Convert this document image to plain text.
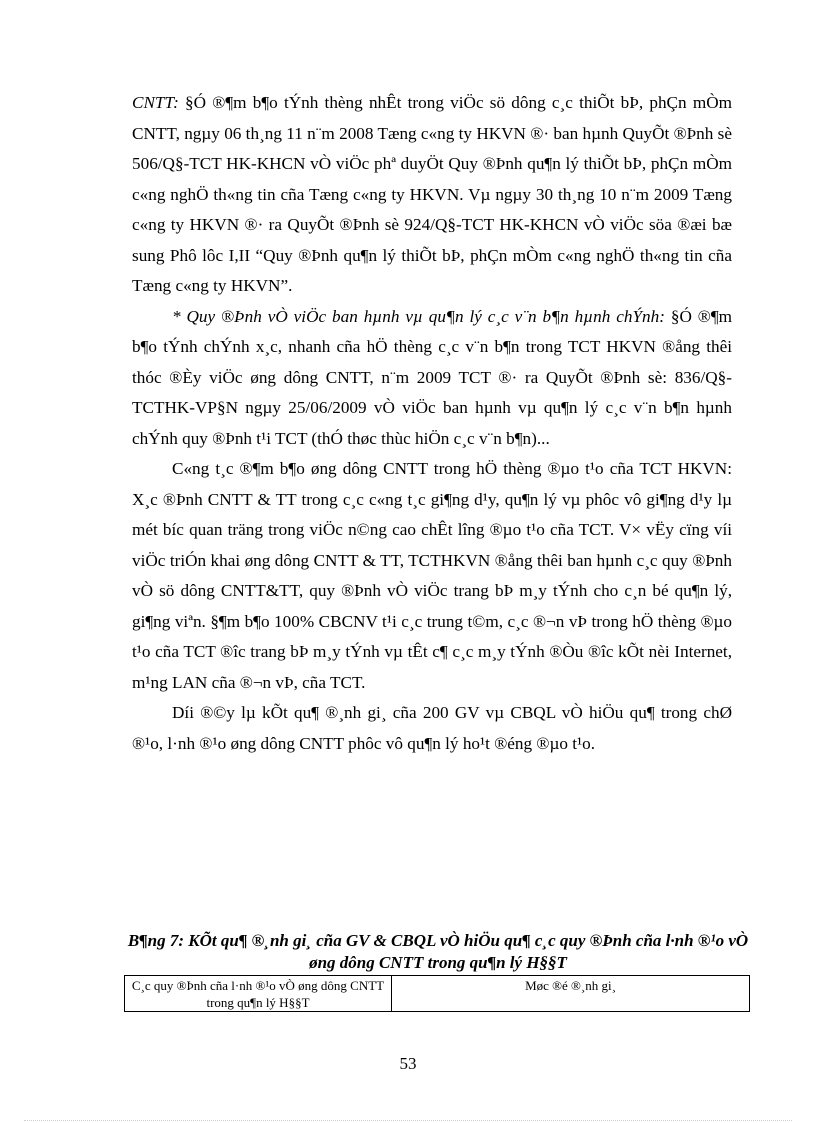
CNTT: §Ó ®¶m b¶o tÝnh thèng nhÊt trong viÖc sö dông c¸c thiÕt bÞ, phÇn mÒm CNTT, ngµy 06 th¸ng 11 n¨m 2008 Tæng c«ng ty HKVN ®· ban hµnh QuyÕt ®Þnh sè 506/Q§-TCT HK-KHCN vÒ viÖc phª duyÖt Quy ®Þnh qu¶n lý thiÕt bÞ, phÇn mÒm c«ng nghÖ th«ng tin cña Tæng c«ng ty HKVN. Vµ ngµy 30 th¸ng 10 n¨m 2009 Tæng c«ng ty HKVN ®· ra QuyÕt ®Þnh sè 924/Q§-TCT HK-KHCN vÒ viÖc söa ®æi bæ sung Phô lôc I,II “Quy ®Þnh qu¶n lý thiÕt bÞ, phÇn mÒm c«ng nghÖ th«ng tin cña Tæng c«ng ty HKVN”.

* Quy ®Þnh vÒ viÖc ban hµnh vµ qu¶n lý c¸c v¨n b¶n hµnh chÝnh: §Ó ®¶m b¶o tÝnh chÝnh x¸c, nhanh cña hÖ thèng c¸c v¨n b¶n trong TCT HKVN ®ång thêi thóc ®Èy viÖc øng dông CNTT, n¨m 2009 TCT ®· ra QuyÕt ®Þnh sè: 836/Q§-TCTHK-VP§N ngµy 25/06/2009 vÒ viÖc ban hµnh vµ qu¶n lý c¸c v¨n b¶n hµnh chÝnh quy ®Þnh t¹i TCT (thÓ thøc thùc hiÖn c¸c v¨n b¶n)...

C«ng t¸c ®¶m b¶o øng dông CNTT trong hÖ thèng ®µo t¹o cña TCT HKVN: X¸c ®Þnh CNTT & TT trong c¸c c«ng t¸c gi¶ng d¹y, qu¶n lý vµ phôc vô gi¶ng d¹y lµ mét bíc quan träng trong viÖc n©ng cao chÊt lîng ®µo t¹o cña TCT. V× vËy cïng víi viÖc triÓn khai øng dông CNTT & TT, TCTHKVN ®ång thêi ban hµnh c¸c quy ®Þnh vÒ sö dông CNTT&TT, quy ®Þnh vÒ viÖc trang bÞ m¸y tÝnh cho c¸n bé qu¶n lý, gi¶ng viªn. §¶m b¶o 100% CBCNV t¹i c¸c trung t©m, c¸c ®¬n vÞ trong hÖ thèng ®µo t¹o cña TCT ®îc trang bÞ m¸y tÝnh vµ tÊt c¶ c¸c m¸y tÝnh ®Òu ®îc kÕt nèi Internet, m¹ng LAN cña ®¬n vÞ, cña TCT.

Díi ®©y lµ kÕt qu¶ ®¸nh gi¸ cña 200 GV vµ CBQL vÒ hiÖu qu¶ trong chØ ®¹o, l·nh ®¹o øng dông CNTT phôc vô qu¶n lý ho¹t ®éng ®µo t¹o.

B¶ng 7: KÕt qu¶ ®¸nh gi¸ cña GV & CBQL vÒ hiÖu qu¶ c¸c quy ®Þnh cña l·nh ®¹o vÒ øng dông CNTT trong qu¶n lý H§§T
C¸c quy ®Þnh cña l·nh ®¹o vÒ øng dông CNTT trong qu¶n lý H§§T
Møc ®é ®¸nh gi¸
53
